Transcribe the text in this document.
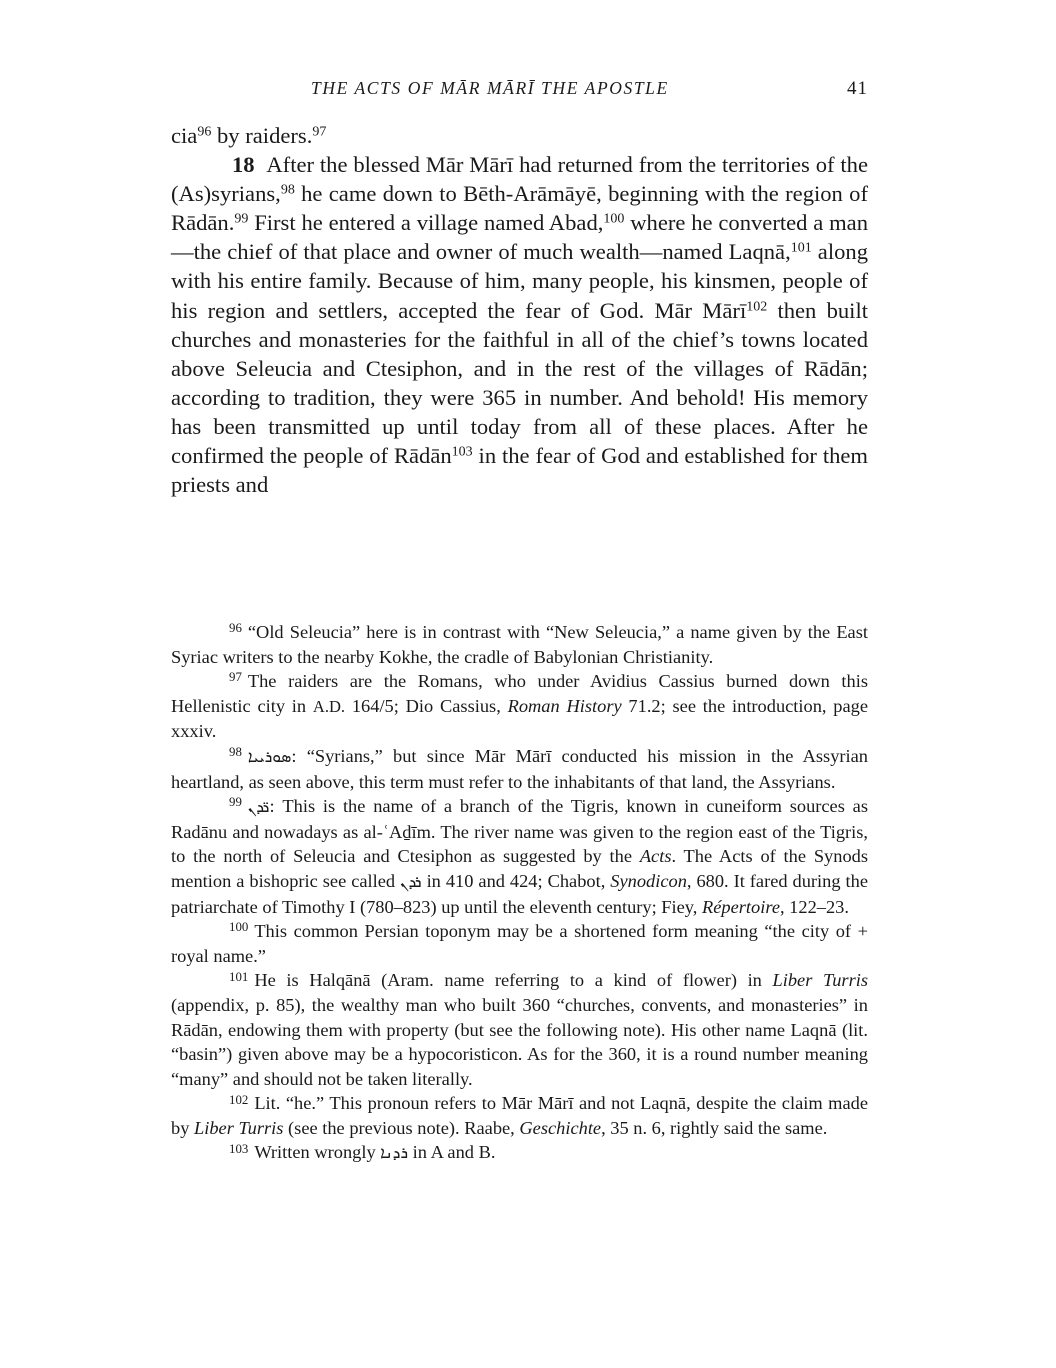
THE ACTS OF MĀR MĀRĪ THE APOSTLE	41

cia$^{96}$ by raiders.$^{97}$

18 After the blessed Mār Mārī had returned from the territories of the (As)syrians,$^{98}$ he came down to Bēth-Arāmāyē, beginning with the region of Rādān.$^{99}$ First he entered a village named Abad,$^{100}$ where he converted a man—the chief of that place and owner of much wealth—named Laqnā,$^{101}$ along with his entire family. Because of him, many people, his kinsmen, people of his region and settlers, accepted the fear of God. Mār Mārī$^{102}$ then built churches and monasteries for the faithful in all of the chief’s towns located above Seleucia and Ctesiphon, and in the rest of the villages of Rādān; according to tradition, they were 365 in number. And behold! His memory has been transmitted up until today from all of these places. After he confirmed the people of Rādān$^{103}$ in the fear of God and established for them priests and

$^{96}$ “Old Seleucia” here is in contrast with “New Seleucia,” a name given by the East Syriac writers to the nearby Kokhe, the cradle of Babylonian Christianity.

$^{97}$ The raiders are the Romans, who under Avidius Cassius burned down this Hellenistic city in A.D. 164/5; Dio Cassius, Roman History 71.2; see the introduction, page xxxiv.

$^{98}$ ܣܘܪܝܝܐ: “Syrians,” but since Mār Mārī conducted his mission in the Assyrian heartland, as seen above, this term must refer to the inhabitants of that land, the Assyrians.

$^{99}$ ܪ̈ܕܢ: This is the name of a branch of the Tigris, known in cuneiform sources as Radānu and nowadays as al-ʿAḏīm. The river name was given to the region east of the Tigris, to the north of Seleucia and Ctesiphon as suggested by the Acts. The Acts of the Synods mention a bishopric see called ܪܕܢ in 410 and 424; Chabot, Synodicon, 680. It fared during the patriarchate of Timothy I (780–823) up until the eleventh century; Fiey, Répertoire, 122–23.

$^{100}$ This common Persian toponym may be a shortened form meaning “the city of + royal name.”

$^{101}$ He is Halqānā (Aram. name referring to a kind of flower) in Liber Turris (appendix, p. 85), the wealthy man who built 360 “churches, convents, and monasteries” in Rādān, endowing them with property (but see the following note). His other name Laqnā (lit. “basin”) given above may be a hypocoristicon. As for the 360, it is a round number meaning “many” and should not be taken literally.

$^{102}$ Lit. “he.” This pronoun refers to Mār Mārī and not Laqnā, despite the claim made by Liber Turris (see the previous note). Raabe, Geschichte, 35 n. 6, rightly said the same.

$^{103}$ Written wrongly ܪܕܢܐ in A and B.
